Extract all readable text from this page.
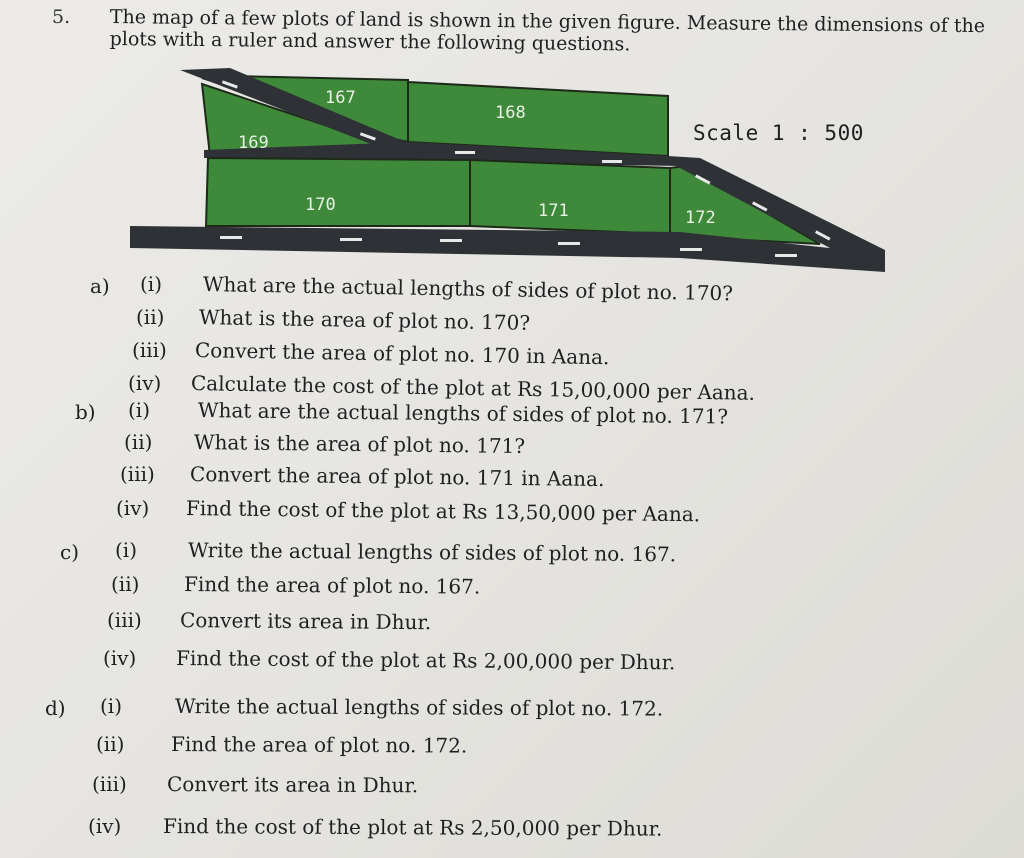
5. The map of a few plots of land is shown in the given figure. Measure the dimensions of the plots with a ruler and answer the following questions.
167
168
169
170	171	172
Scale 1 : 500
a) (i) What are the actual lengths of sides of plot no. 170?
(ii) What is the area of plot no. 170?
(iii) Convert the area of plot no. 170 in Aana.
(iv) Calculate the cost of the plot at Rs 15,00,000 per Aana.
b) (i) What are the actual lengths of sides of plot no. 171?
(ii) What is the area of plot no. 171?
(iii) Convert the area of plot no. 171 in Aana.
(iv) Find the cost of the plot at Rs 13,50,000 per Aana.
c) (i)	Write the actual lengths of sides of plot no. 167.
(ii) Find the area of plot no. 167.
(iii) Convert its area in Dhur.
(iv) Find the cost of the plot at Rs 2,00,000 per Dhur.
d) (i)	Write the actual lengths of sides of plot no. 172.
(ii) Find the area of plot no. 172.
(iii) Convert its area in Dhur.
(iv) Find the cost of the plot at Rs 2,50,000 per Dhur.
